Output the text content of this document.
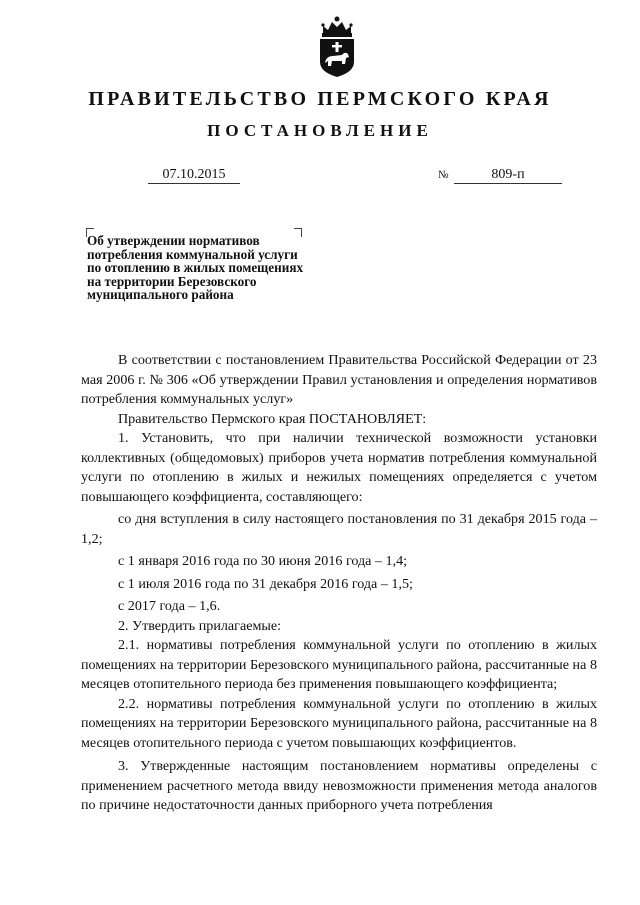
ПРАВИТЕЛЬСТВО ПЕРМСКОГО КРАЯ
ПОСТАНОВЛЕНИЕ
07.10.2015	№	809-п

Об утверждении нормативов потребления коммунальной услуги по отоплению в жилых помещениях на территории Березовского муниципального района

В соответствии с постановлением Правительства Российской Федерации от 23 мая 2006 г. № 306 «Об утверждении Правил установления и определения нормативов потребления коммунальных услуг»

Правительство Пермского края ПОСТАНОВЛЯЕТ:

1. Установить, что при наличии технической возможности установки коллективных (общедомовых) приборов учета норматив потребления коммунальной услуги по отоплению в жилых и нежилых помещениях определяется с учетом повышающего коэффициента, составляющего:

со дня вступления в силу настоящего постановления по 31 декабря 2015 года – 1,2;

с 1 января 2016 года по 30 июня 2016 года – 1,4;

с 1 июля 2016 года по 31 декабря 2016 года – 1,5;

с 2017 года – 1,6.

2. Утвердить прилагаемые:

2.1. нормативы потребления коммунальной услуги по отоплению в жилых помещениях на территории Березовского муниципального района, рассчитанные на 8 месяцев отопительного периода без применения повышающего коэффициента;

2.2. нормативы потребления коммунальной услуги по отоплению в жилых помещениях на территории Березовского муниципального района, рассчитанные на 8 месяцев отопительного периода с учетом повышающих коэффициентов.

3. Утвержденные настоящим постановлением нормативы определены с применением расчетного метода ввиду невозможности применения метода аналогов по причине недостаточности данных приборного учета потребления
